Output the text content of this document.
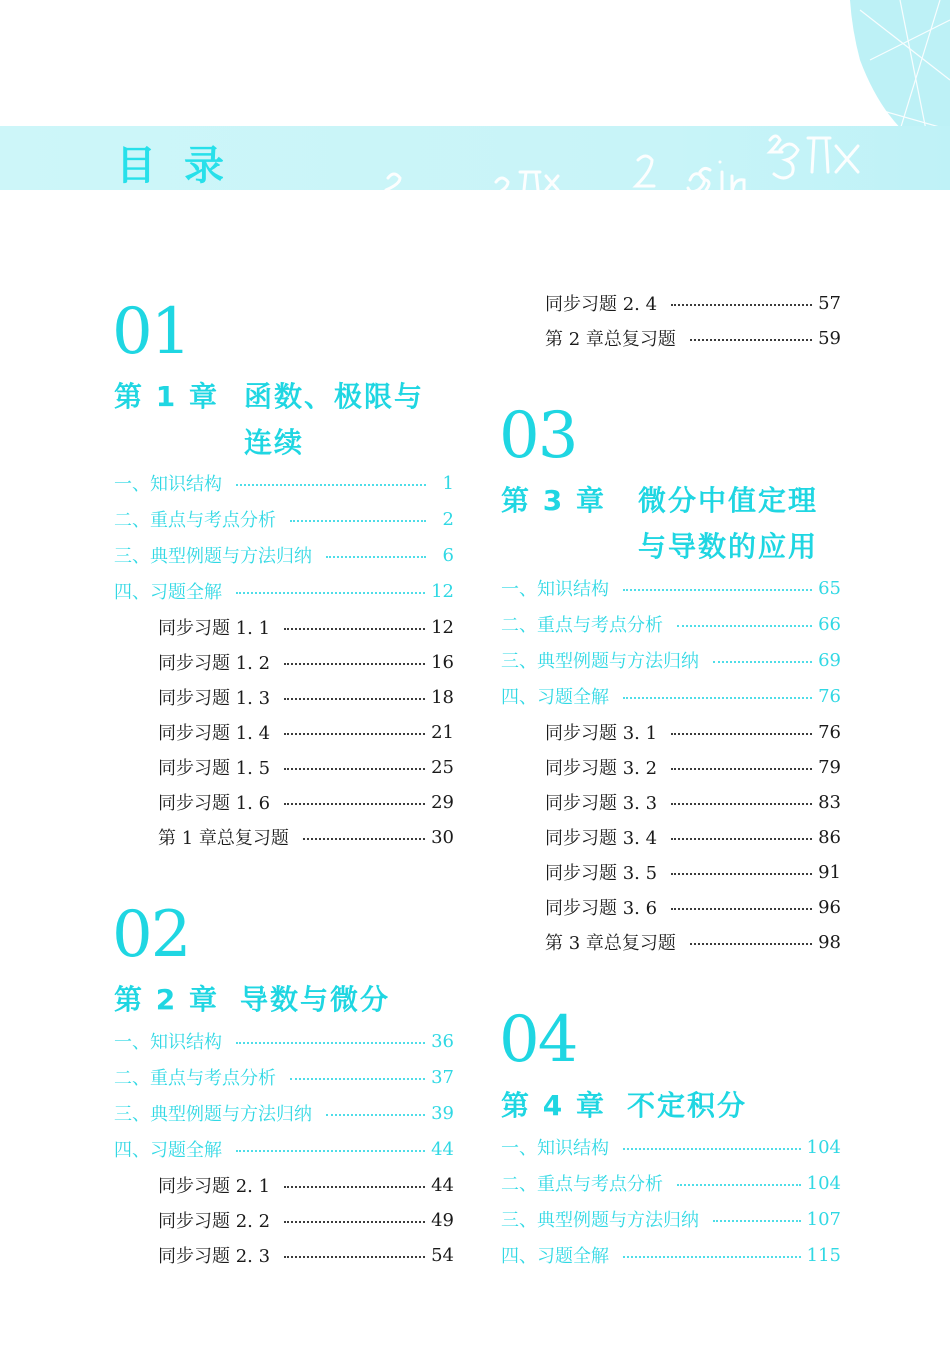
目录
01
第 1 章 函数、极限与
连续
一、知识结构	1
二、重点与考点分析	2
三、典型例题与方法归纳	6
四、习题全解	12
同步习题 1. 1	12
同步习题 1. 2	16
同步习题 1. 3	18
同步习题 1. 4	21
同步习题 1. 5	25
同步习题 1. 6	29
第 1 章总复习题	30
02
第 2 章 导数与微分
一、知识结构	36
二、重点与考点分析	37
三、典型例题与方法归纳	39
四、习题全解	44
同步习题 2. 1	44
同步习题 2. 2	49
同步习题 2. 3	54
同步习题 2. 4	57
第 2 章总复习题	59
03
第 3 章 微分中值定理
与导数的应用
一、知识结构	65
二、重点与考点分析	66
三、典型例题与方法归纳	69
四、习题全解	76
同步习题 3. 1	76
同步习题 3. 2	79
同步习题 3. 3	83
同步习题 3. 4	86
同步习题 3. 5	91
同步习题 3. 6	96
第 3 章总复习题	98
04
第 4 章 不定积分
一、知识结构	104
二、重点与考点分析	104
三、典型例题与方法归纳	107
四、习题全解	115
